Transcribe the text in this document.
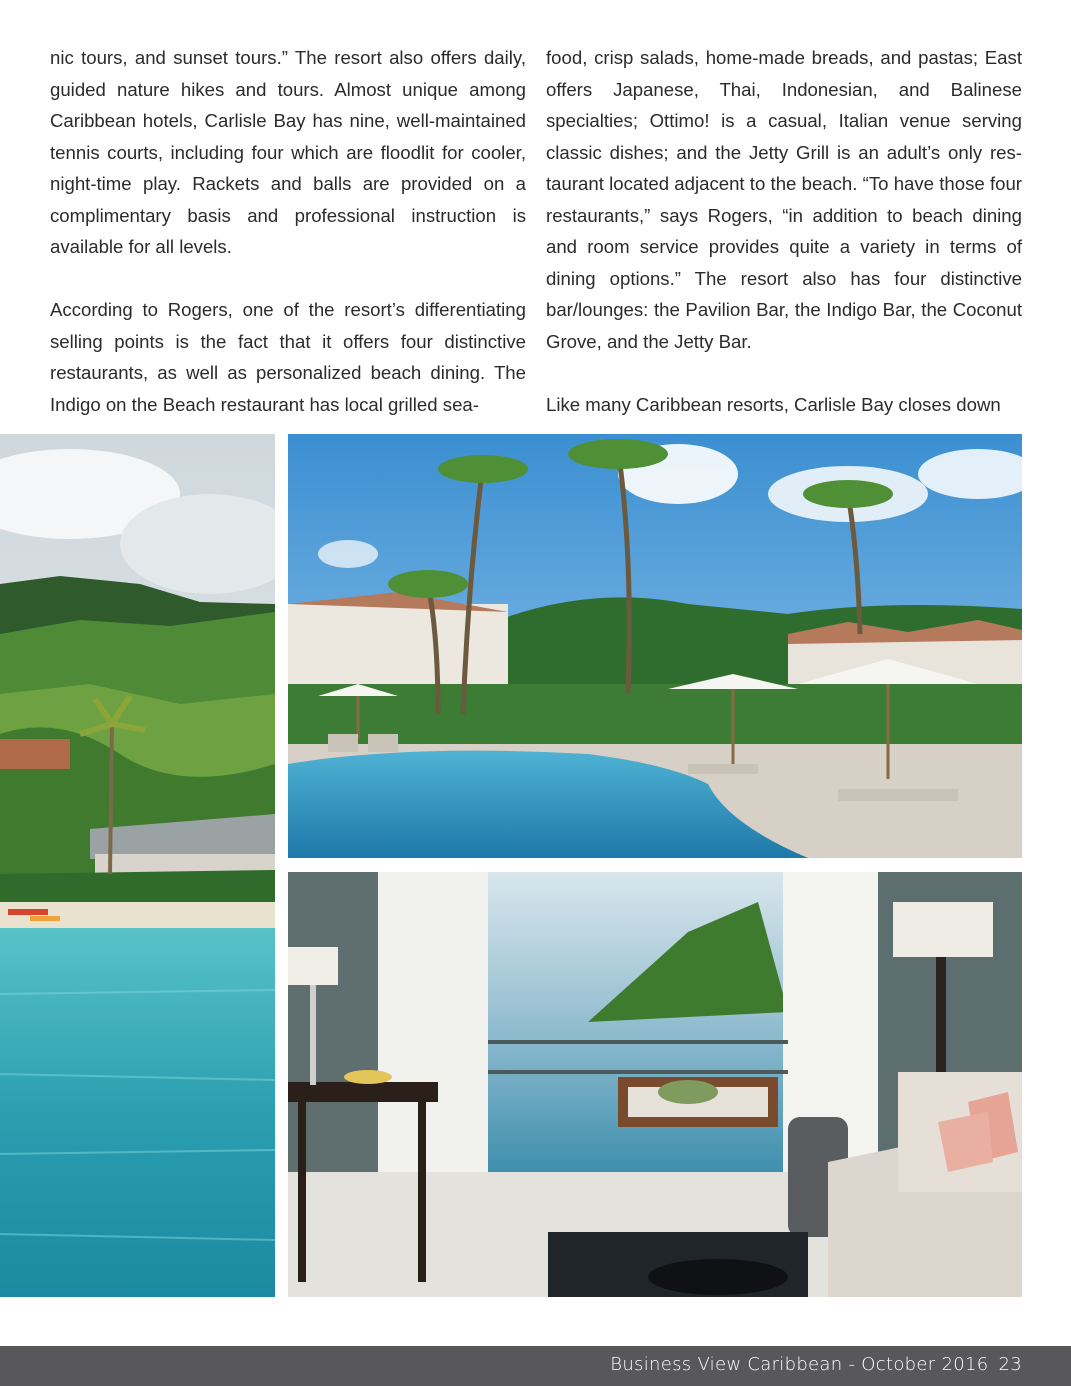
nic tours, and sunset tours.” The resort also offers daily, guided nature hikes and tours. Almost unique among Caribbean hotels, Carlisle Bay has nine, well-maintained tennis courts, including four which are floodlit for cooler, night-time play. Rackets and balls are provided on a complimentary basis and professional instruction is available for all levels.

According to Rogers, one of the resort’s differentiating selling points is the fact that it offers four distinctive restaurants, as well as personalized beach dining. The Indigo on the Beach restaurant has local grilled sea-

food, crisp salads, home-made breads, and pastas; East offers Japanese, Thai, Indonesian, and Balinese specialties; Ottimo! is a casual, Italian venue serving classic dishes; and the Jetty Grill is an adult’s only restaurant located adjacent to the beach. “To have those four restaurants,” says Rogers, “in addition to beach dining and room service provides quite a variety in terms of dining options.” The resort also has four distinctive bar/lounges: the Pavilion Bar, the Indigo Bar, the Coconut Grove, and the Jetty Bar.

Like many Caribbean resorts, Carlisle Bay closes down

Business View Caribbean - October 2016 23
